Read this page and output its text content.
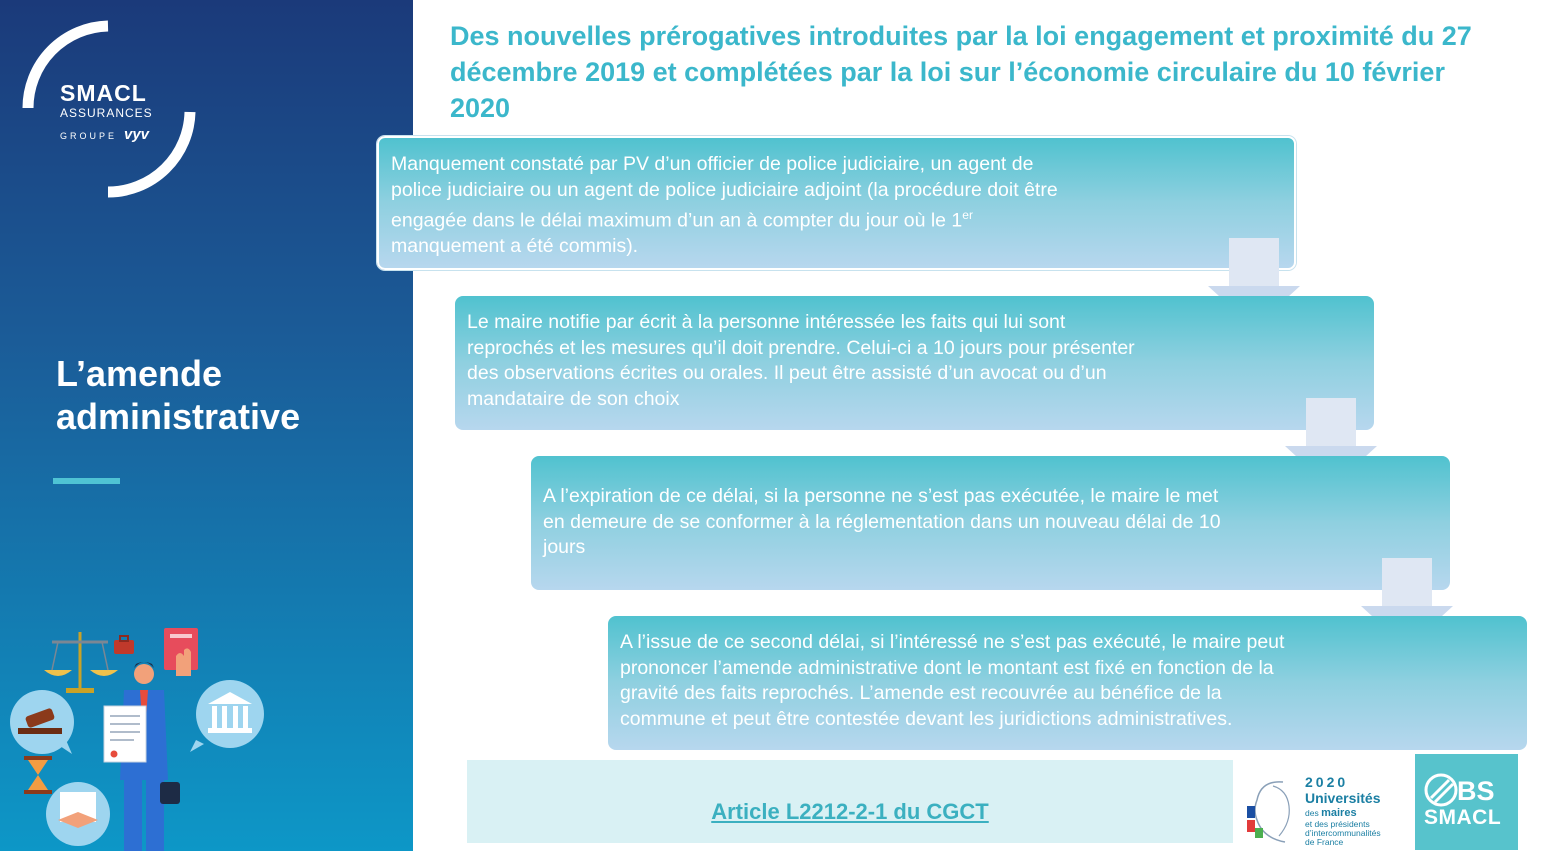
SMACL
ASSURANCES
GROUPE vyv
L’amende
administrative
Des nouvelles prérogatives introduites par la loi engagement et proximité du 27 décembre 2019 et complétées par la loi sur l’économie circulaire du 10 février 2020

Manquement constaté par PV d’un officier de police judiciaire, un agent de
police judiciaire ou un agent de police judiciaire adjoint (la procédure doit être
engagée dans le délai maximum d’un an à compter du jour où le 1er
manquement a été commis).

Le maire notifie par écrit à la personne intéressée les faits qui lui sont
reprochés et les mesures qu’il doit prendre. Celui-ci a 10 jours pour présenter
des observations écrites ou orales. Il peut être assisté d’un avocat ou d’un
mandataire de son choix

A l’expiration de ce délai, si la personne ne s’est pas exécutée, le maire le met
en demeure de se conformer à la réglementation dans un nouveau délai de 10
jours

A l’issue de ce second délai, si l’intéressé ne s’est pas exécuté, le maire peut
prononcer l’amende administrative dont le montant est fixé en fonction de la
gravité des faits reprochés. L’amende est recouvrée au bénéfice de la
commune et peut être contestée devant les juridictions administratives.

Article L2212-2-1 du CGCT
2020
Universités
des maires
et des présidents
d’intercommunalités
de France
BS
SMACL
